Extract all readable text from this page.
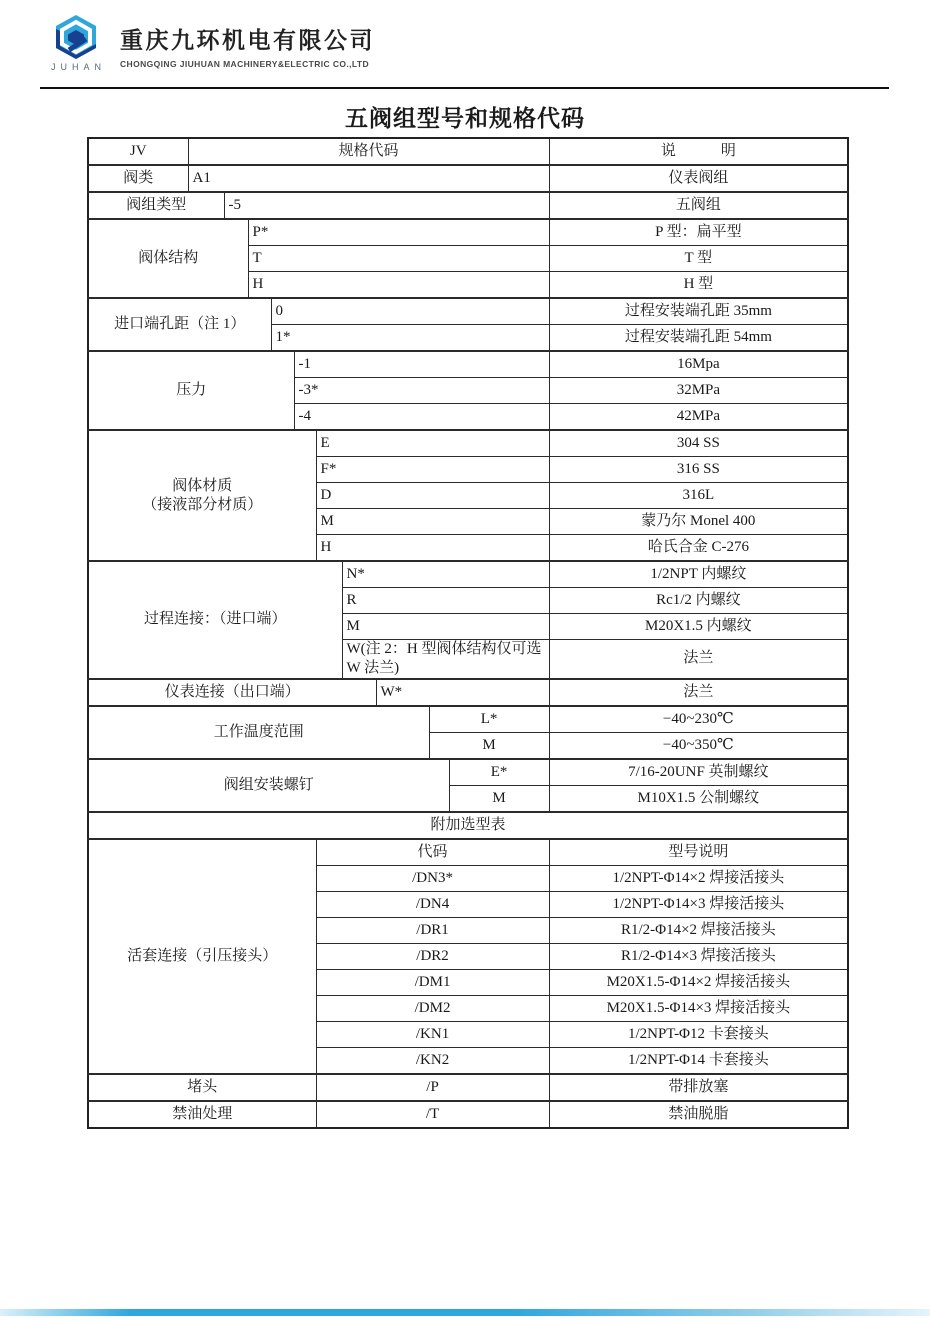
JUHAN
重庆九环机电有限公司
CHONGQING JIUHUAN MACHINERY&ELECTRIC CO.,LTD
五阀组型号和规格代码
JV	规格代码										说　　　明
阀类	A1										仪表阀组
阀组类型		-5									五阀组
阀体结构			P*								P 型：扁平型
			T								T 型
			H								H 型
进口端孔距（注 1）				0							过程安装端孔距 35mm
				1*							过程安装端孔距 54mm
压力					-1						16Mpa
					-3*						32MPa
					-4						42MPa

阀体材质
（接液部分材质）						E					304 SS
						F*					316 SS
						D					316L
						M					蒙乃尔 Monel 400
						H					哈氏合金 C-276
过程连接：（进口端）							N*				1/2NPT 内螺纹
							R				Rc1/2 内螺纹
							M				M20X1.5 内螺纹
							W(注 2：H 型阀体结构仅可选 W 法兰)				法兰
仪表连接（出口端）								W*			法兰
工作温度范围									L*		−40~230℃
									M		−40~350℃
阀组安装螺钉										E*	7/16-20UNF 英制螺纹
										M	M10X1.5 公制螺纹
附加选型表											
活套连接（引压接头）						代码					型号说明
						/DN3*					1/2NPT-Φ14×2 焊接活接头
						/DN4					1/2NPT-Φ14×3 焊接活接头
						/DR1					R1/2-Φ14×2 焊接活接头
						/DR2					R1/2-Φ14×3 焊接活接头
						/DM1					M20X1.5-Φ14×2 焊接活接头
						/DM2					M20X1.5-Φ14×3 焊接活接头
						/KN1					1/2NPT-Φ12 卡套接头
						/KN2					1/2NPT-Φ14 卡套接头
堵头						/P					带排放塞
禁油处理						/T					禁油脱脂
